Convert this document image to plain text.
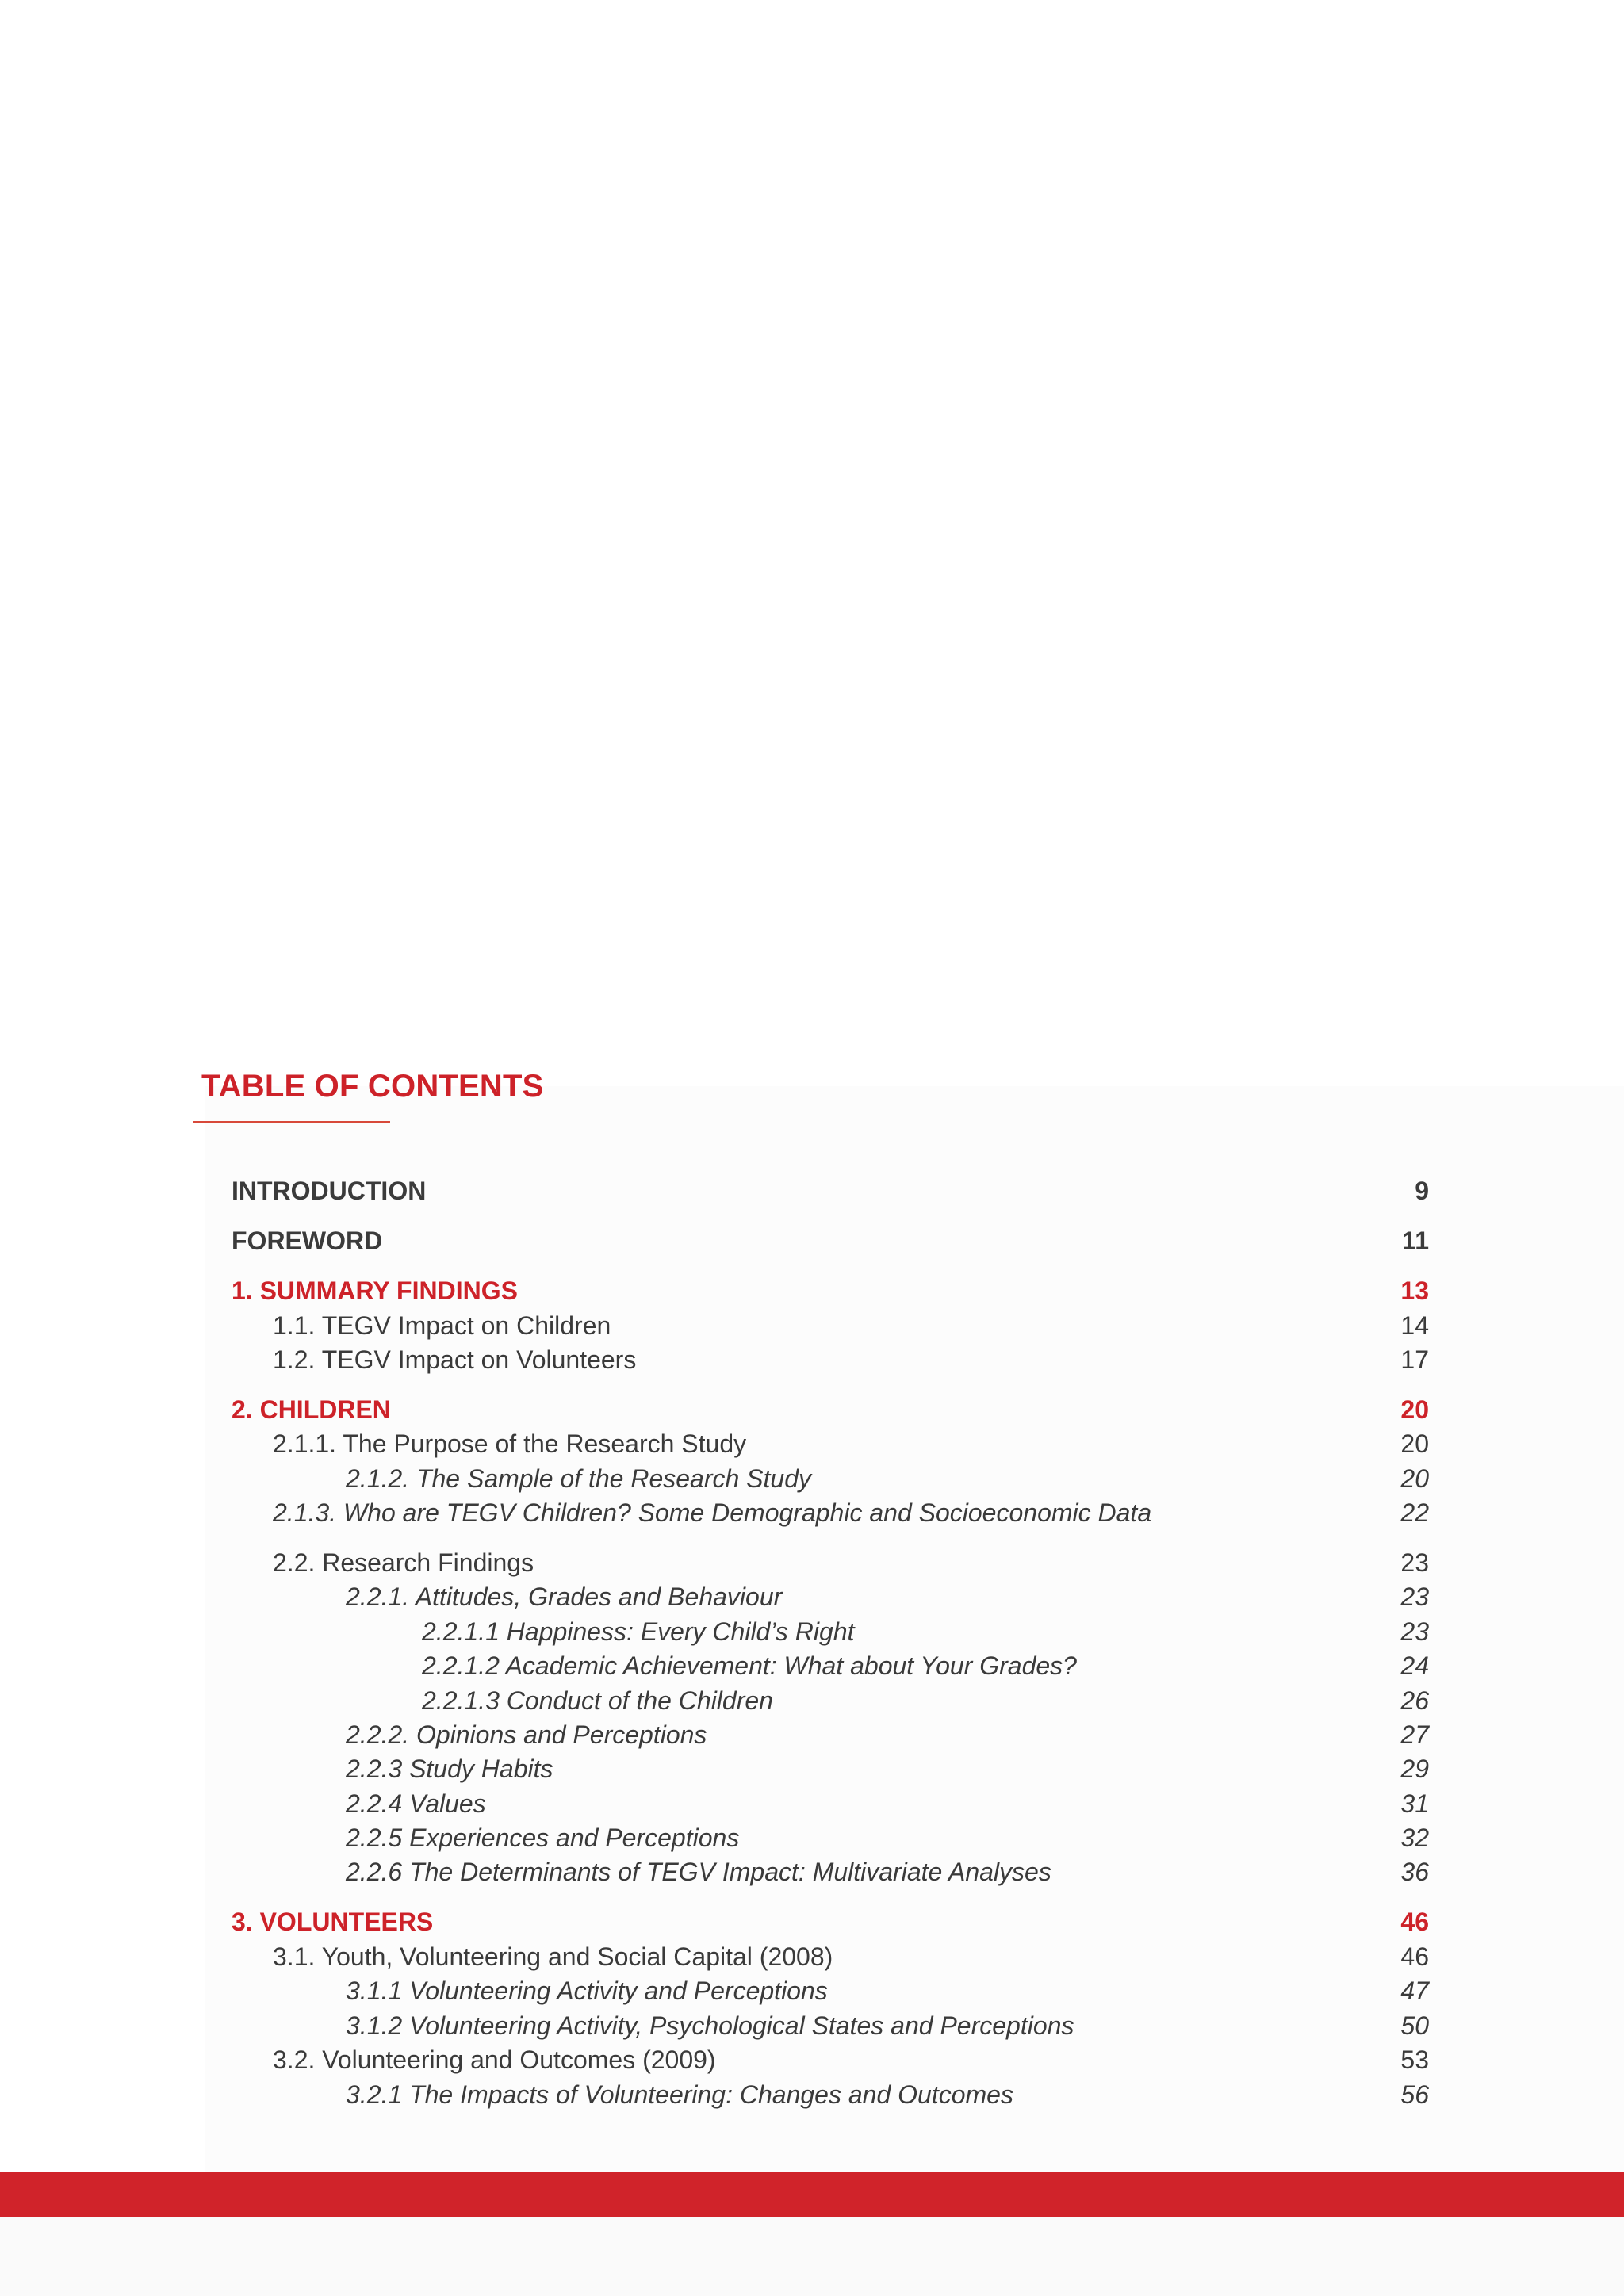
TABLE OF CONTENTS
INTRODUCTION	9
FOREWORD	11
1. SUMMARY FINDINGS	13
1.1. TEGV Impact on Children	14
1.2. TEGV Impact on Volunteers	17
2. CHILDREN	20
2.1.1. The Purpose of the Research Study	20
2.1.2. The Sample of the Research Study	20
2.1.3. Who are TEGV Children? Some Demographic and Socioeconomic Data	22
2.2. Research Findings	23
2.2.1. Attitudes, Grades and Behaviour	23
2.2.1.1 Happiness: Every Child’s Right	23
2.2.1.2 Academic Achievement: What about Your Grades?	24
2.2.1.3 Conduct of the Children	26
2.2.2. Opinions and Perceptions	27
2.2.3 Study Habits	29
2.2.4 Values	31
2.2.5 Experiences and Perceptions	32
2.2.6 The Determinants of TEGV Impact: Multivariate Analyses	36
3. VOLUNTEERS	46
3.1. Youth, Volunteering and Social Capital (2008)	46
3.1.1 Volunteering Activity and Perceptions	47
3.1.2 Volunteering Activity, Psychological States and Perceptions	50
3.2. Volunteering and Outcomes (2009)	53
3.2.1 The Impacts of Volunteering: Changes and Outcomes	56
